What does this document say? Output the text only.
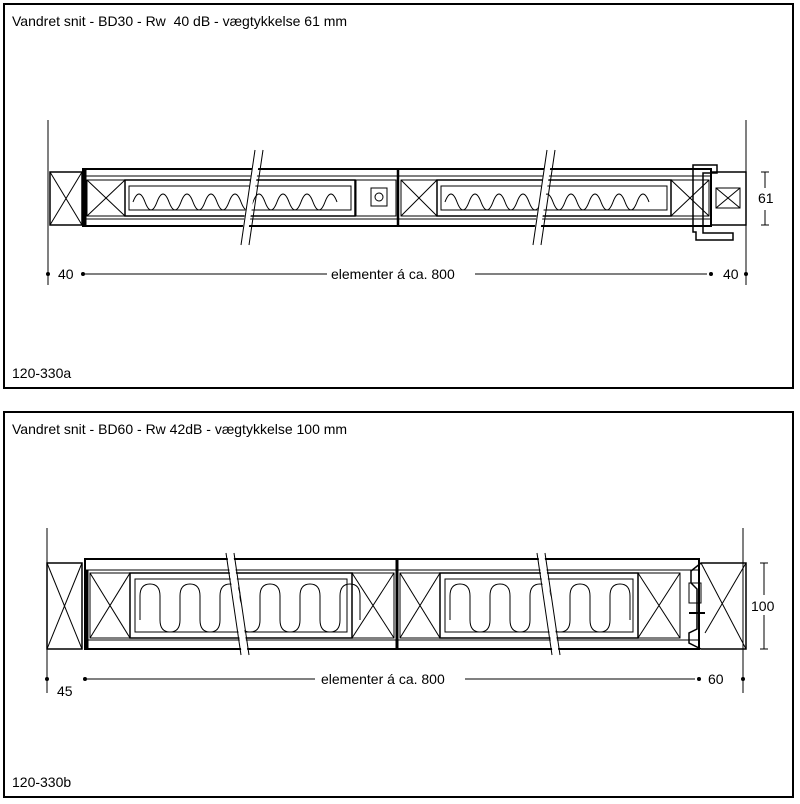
Vandret snit - BD30 - Rw  40 dB - vægtykkelse 61 mm
40	elementer á ca. 800	40
61
120-330a
Vandret snit - BD60 - Rw 42dB - vægtykkelse 100 mm
45
elementer á ca. 800	60
100
120-330b
